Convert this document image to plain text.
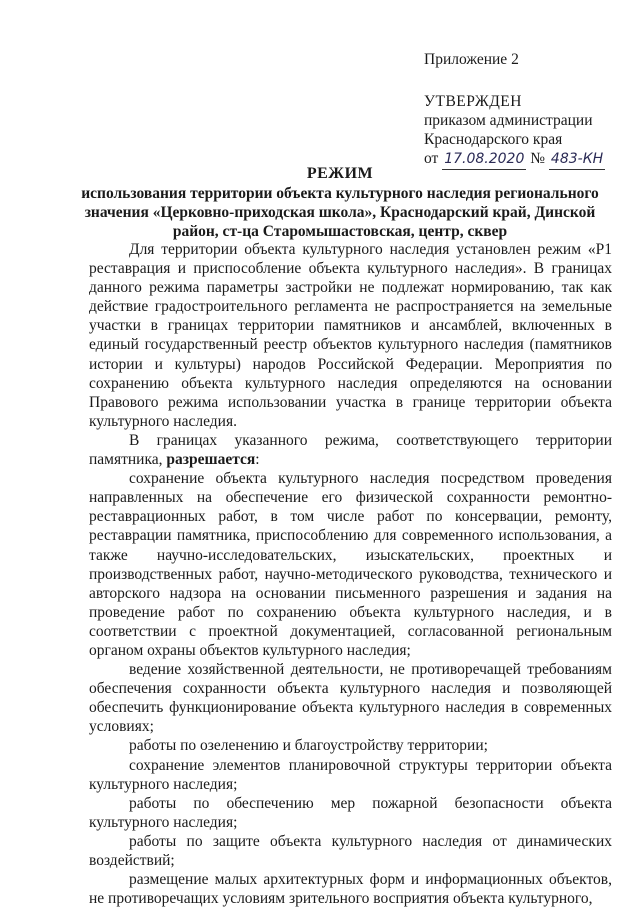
Приложение 2
УТВЕРЖДЕН
приказом администрации
Краснодарского края
от 17.08.2020 № 483-КН
РЕЖИМ
использования территории объекта культурного наследия регионального значения «Церковно-приходская школа», Краснодарский край, Динской район, ст-ца Старомышастовская, центр, сквер

Для территории объекта культурного наследия установлен режим «Р1 реставрация и приспособление объекта культурного наследия». В границах данного режима параметры застройки не подлежат нормированию, так как действие градостроительного регламента не распространяется на земельные участки в границах территории памятников и ансамблей, включенных в единый государственный реестр объектов культурного наследия (памятников истории и культуры) народов Российской Федерации. Мероприятия по сохранению объекта культурного наследия определяются на основании Правового режима использовании участка в границе территории объекта культурного наследия.

В границах указанного режима, соответствующего территории памятника, разрешается:

сохранение объекта культурного наследия посредством проведения направленных на обеспечение его физической сохранности ремонтно-реставрационных работ, в том числе работ по консервации, ремонту, реставрации памятника, приспособлению для современного использования, а также научно-исследовательских, изыскательских, проектных и производственных работ, научно-методического руководства, технического и авторского надзора на основании письменного разрешения и задания на проведение работ по сохранению объекта культурного наследия, и в соответствии с проектной документацией, согласованной региональным органом охраны объектов культурного наследия;

ведение хозяйственной деятельности, не противоречащей требованиям обеспечения сохранности объекта культурного наследия и позволяющей обеспечить функционирование объекта культурного наследия в современных условиях;

работы по озеленению и благоустройству территории;

сохранение элементов планировочной структуры территории объекта культурного наследия;

работы по обеспечению мер пожарной безопасности объекта культурного наследия;

работы по защите объекта культурного наследия от динамических воздействий;

размещение малых архитектурных форм и информационных объектов, не противоречащих условиям зрительного восприятия объекта культурного,
